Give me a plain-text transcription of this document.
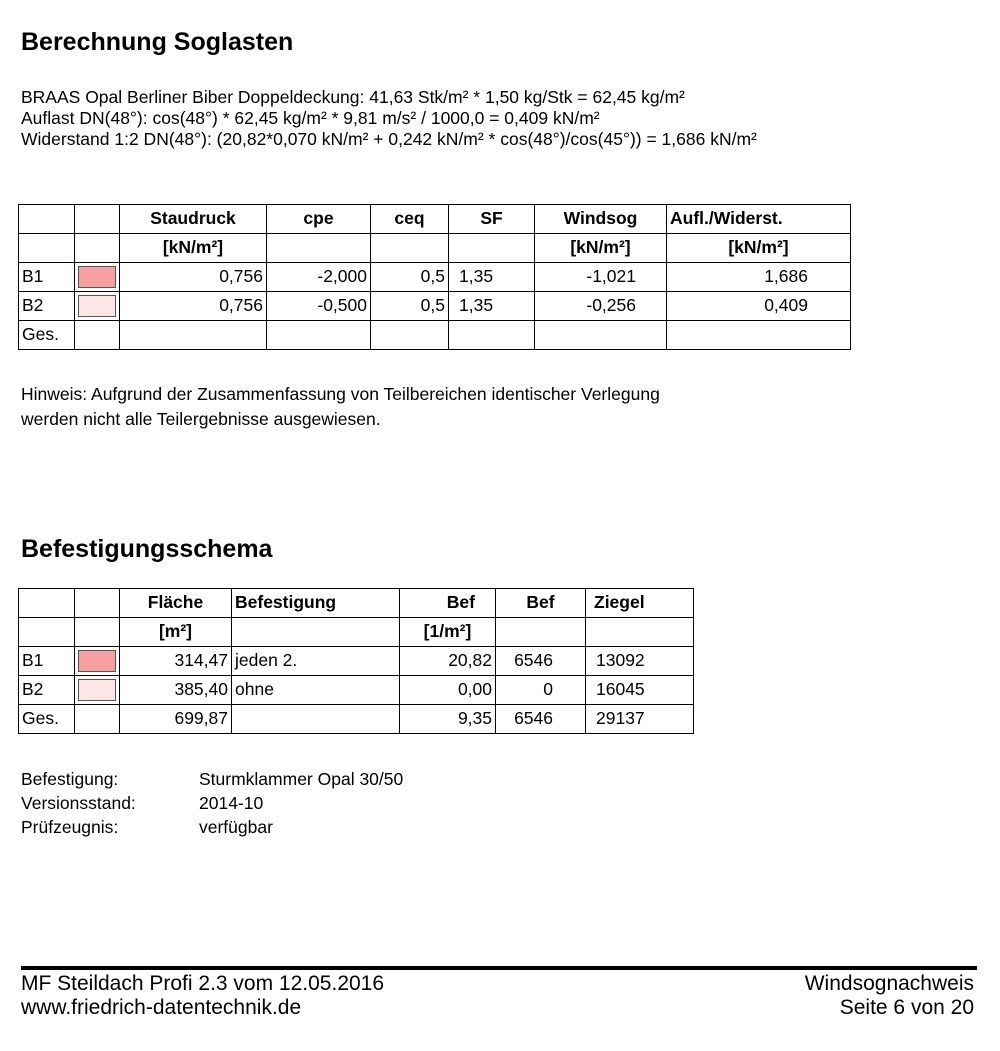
Berechnung Soglasten
BRAAS Opal Berliner Biber Doppeldeckung: 41,63 Stk/m² * 1,50 kg/Stk = 62,45 kg/m²
Auflast DN(48°): cos(48°) * 62,45 kg/m² * 9,81 m/s² / 1000,0 = 0,409 kN/m²
Widerstand 1:2 DN(48°): (20,82*0,070 kN/m² + 0,242 kN/m² * cos(48°)/cos(45°)) = 1,686 kN/m²
		Staudruck	cpe	ceq	SF	Windsog	Aufl./Widerst.
		[kN/m²]				[kN/m²]	[kN/m²]
B1		0,756	-2,000	0,5	1,35	-1,021	1,686
B2		0,756	-0,500	0,5	1,35	-0,256	0,409
Ges.							
Hinweis: Aufgrund der Zusammenfassung von Teilbereichen identischer Verlegung
werden nicht alle Teilergebnisse ausgewiesen.
Befestigungsschema
		Fläche	Befestigung	Bef	Bef	Ziegel
		[m²]		[1/m²]		
B1		314,47	jeden 2.	20,82	6546	13092
B2		385,40	ohne	0,00	0	16045
Ges.		699,87		9,35	6546	29137
Befestigung:	Sturmklammer Opal 30/50
Versionsstand:	2014-10
Prüfzeugnis:	verfügbar
MF Steildach Profi 2.3 vom 12.05.2016
www.friedrich-datentechnik.de
Windsognachweis
Seite 6 von 20
